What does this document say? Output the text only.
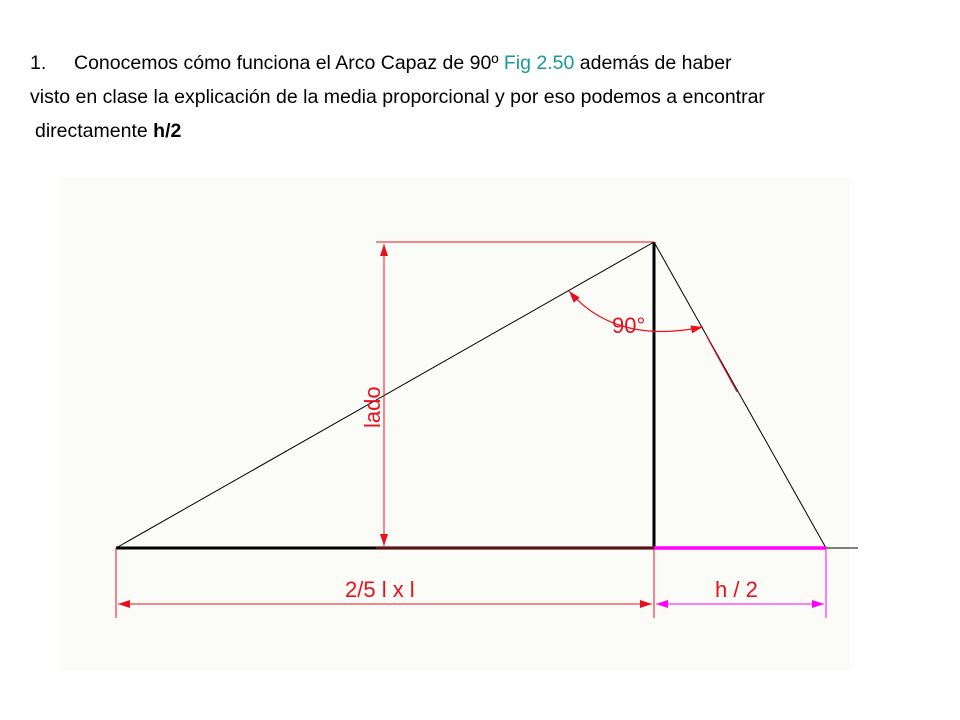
1. Conocemos cómo funciona el Arco Capaz de 90º Fig 2.50 además de haber
visto en clase la explicación de la media proporcional y por eso podemos a encontrar
directamente h/2
lado
90°
2/5 l x l	h / 2
